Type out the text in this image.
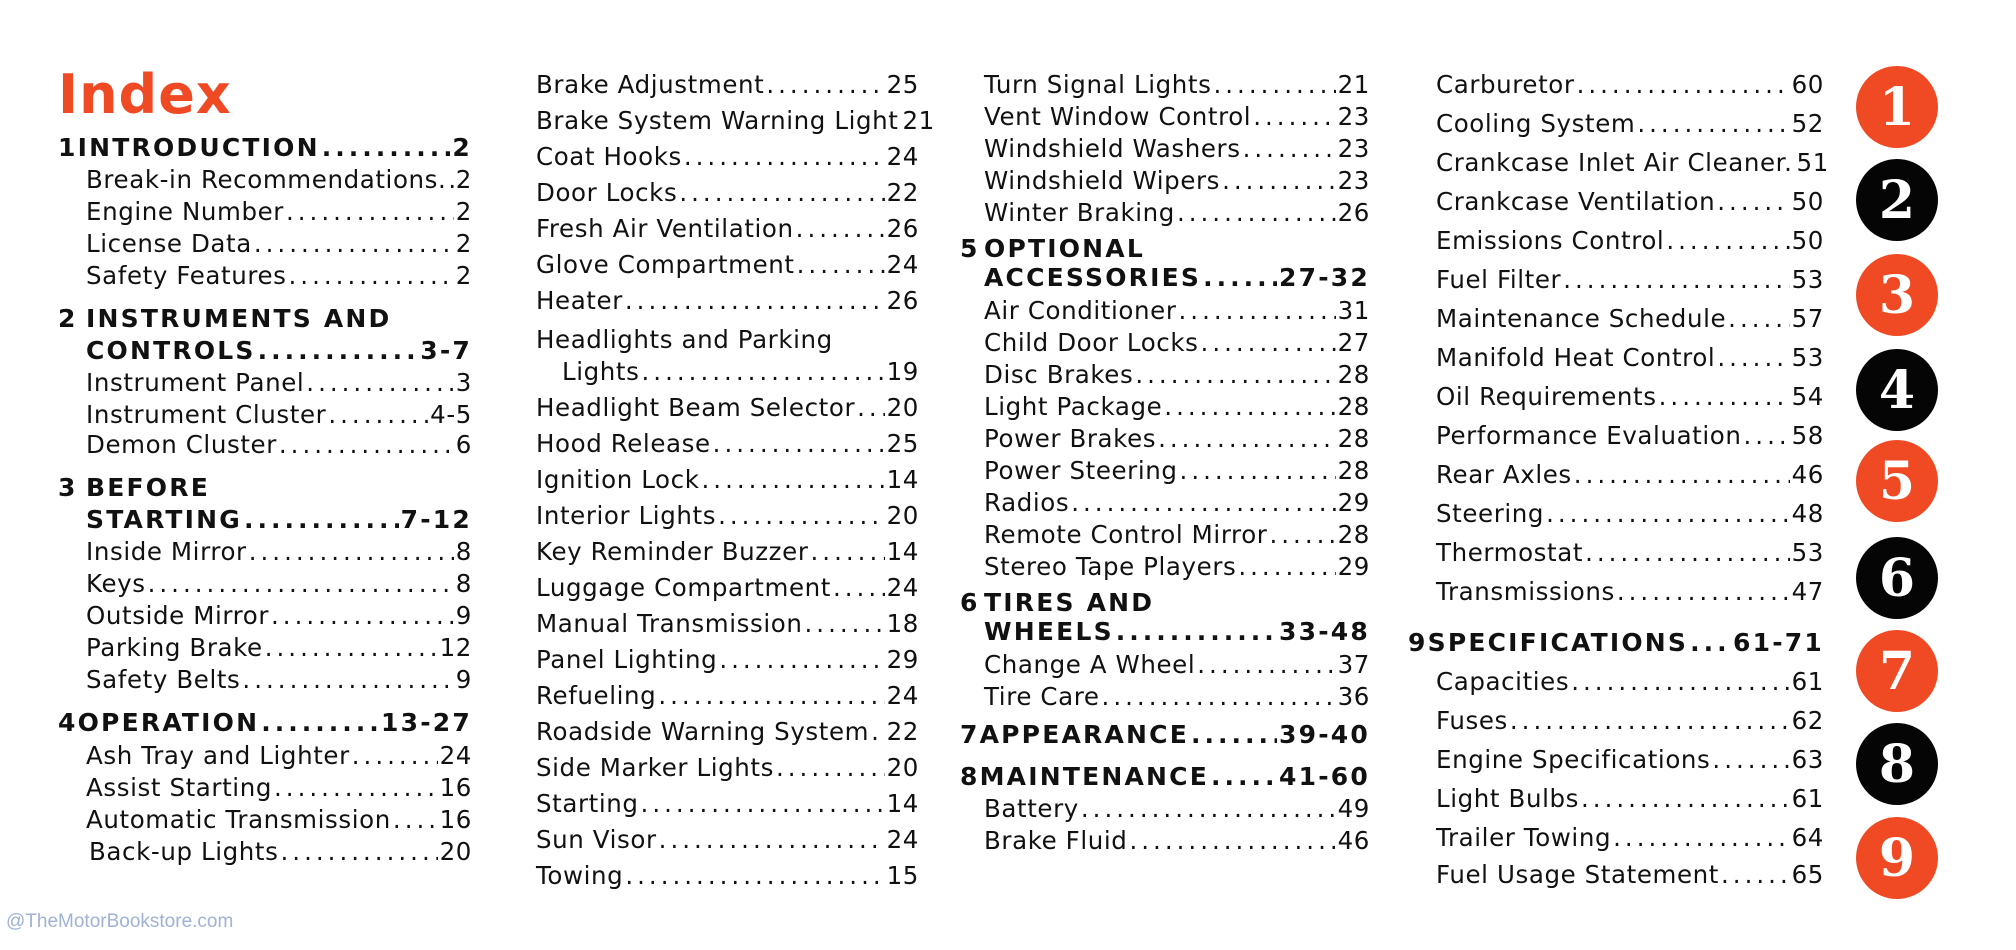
Index
1 INTRODUCTION .....	2
Break-in Recommendations. ..... 2
Engine Number .....	2
License Data .....	2
Safety Features .....	2
2 INSTRUMENTS AND
CONTROLS .....	3-7
Instrument Panel .....	3
Instrument Cluster .....	4-5
Demon Cluster .....	6
3 BEFORE
STARTING .....	7-12
Inside Mirror .....	8
Keys .....	8
Outside Mirror .....	9
Parking Brake .....	12
Safety Belts .....	9
4 OPERATION .....	13-27
Ash Tray and Lighter .....	24
Assist Starting .....	16
Automatic Transmission ..... 16
Back-up Lights .....	20
Brake Adjustment .....	25
Brake System Warning Light 21
Coat Hooks .....	24
Door Locks .....	22
Fresh Air Ventilation .....	26
Glove Compartment .....	24
Heater .....	26
Headlights and Parking
Lights .....	19
Headlight Beam Selector ..... 20
Hood Release .....	25
Ignition Lock .....	14
Interior Lights .....	20
Key Reminder Buzzer .....	14
Luggage Compartment ..... 24
Manual Transmission .....	18
Panel Lighting .....	29
Refueling .....	24
Roadside Warning System ..... 22
Side Marker Lights .....	20
Starting .....	14
Sun Visor .....	24
Towing .....	15
Turn Signal Lights .....	21
Vent Window Control .....	23
Windshield Washers .....	23
Windshield Wipers .....	23
Winter Braking .....	26
5 OPTIONAL
ACCESSORIES .....	27-32
Air Conditioner .....	31
Child Door Locks .....	27
Disc Brakes .....	28
Light Package .....	28
Power Brakes .....	28
Power Steering .....	28
Radios .....	29
Remote Control Mirror .....	28
Stereo Tape Players .....	29
6 TIRES AND
WHEELS .....	33-48
Change A Wheel .....	37
Tire Care .....	36
7 APPEARANCE .....	39-40
8 MAINTENANCE .....	41-60
Battery .....	49
Brake Fluid .....	46
Carburetor .....	60
Cooling System .....	52
Crankcase Inlet Air Cleaner. 51
Crankcase Ventilation .....	50
Emissions Control .....	50
Fuel Filter .....	53
Maintenance Schedule .....	57
Manifold Heat Control .....	53
Oil Requirements .....	54
Performance Evaluation ..... 58
Rear Axles .....	46
Steering .....	48
Thermostat .....	53
Transmissions .....	47
9 SPECIFICATIONS ..... 61-71
Capacities .....	61
Fuses .....	62
Engine Specifications .....	63
Light Bulbs .....	61
Trailer Towing .....	64
Fuel Usage Statement .....	65
1
2
3
4
5
6
7
8
9
@TheMotorBookstore.com
